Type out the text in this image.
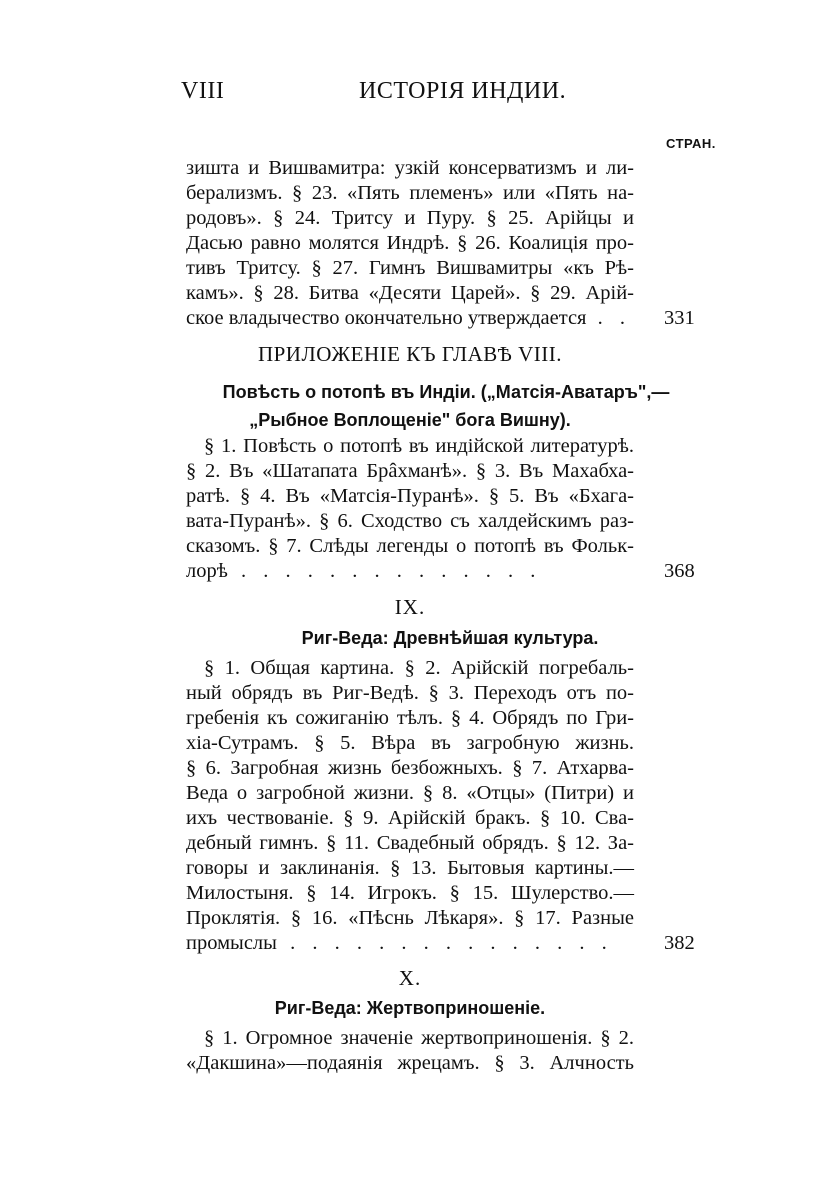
VIII	ИСТОРІЯ ИНДИИ.
СТРАН.
зишта и Вишвамитра: узкій консерватизмъ и ли-
берализмъ. § 23. «Пять племенъ» или «Пять на-
родовъ». § 24. Тритсу и Пуру. § 25. Арійцы и
Дасью равно молятся Индрѣ. § 26. Коалиція про-
тивъ Тритсу. § 27. Гимнъ Вишвамитры «къ Рѣ-
камъ». § 28. Битва «Десяти Царей». § 29. Арій-
ское владычество окончательно утверждается . . 331
ПРИЛОЖЕНІЕ КЪ ГЛАВѢ VIII.
Повѣсть о потопѣ въ Индіи. („Матсія-Аватаръ",—
„Рыбное Воплощеніе" бога Вишну).
§ 1. Повѣсть о потопѣ въ индійской литературѣ.
§ 2. Въ «Шатапата Брâхманѣ». § 3. Въ Махабха-
ратѣ. § 4. Въ «Матсія-Пуранѣ». § 5. Въ «Бхага-
вата-Пуранѣ». § 6. Сходство съ халдейскимъ раз-
сказомъ. § 7. Слѣды легенды о потопѣ въ Фольк-
лорѣ . . . . . . . . . . . . . .	368
IX.
Риг-Веда: Древнѣйшая культура.
§ 1. Общая картина. § 2. Арійскій погребаль-
ный обрядъ въ Риг-Ведѣ. § 3. Переходъ отъ по-
гребенія къ сожиганію тѣлъ. § 4. Обрядъ по Гри-
хіа-Сутрамъ. § 5. Вѣра въ загробную жизнь.
§ 6. Загробная жизнь безбожныхъ. § 7. Атхарва-
Веда о загробной жизни. § 8. «Отцы» (Питри) и
ихъ чествованіе. § 9. Арійскій бракъ. § 10. Сва-
дебный гимнъ. § 11. Свадебный обрядъ. § 12. За-
говоры и заклинанія. § 13. Бытовыя картины.—
Милостыня. § 14. Игрокъ. § 15. Шулерство.—
Проклятія. § 16. «Пѣснь Лѣкаря». § 17. Разные
промыслы . . . . . . . . . . . . . . .	382
X.
Риг-Веда: Жертвоприношеніе.
§ 1. Огромное значеніе жертвоприношенія. § 2.
«Дакшина»—подаянія жрецамъ. § 3. Алчность
